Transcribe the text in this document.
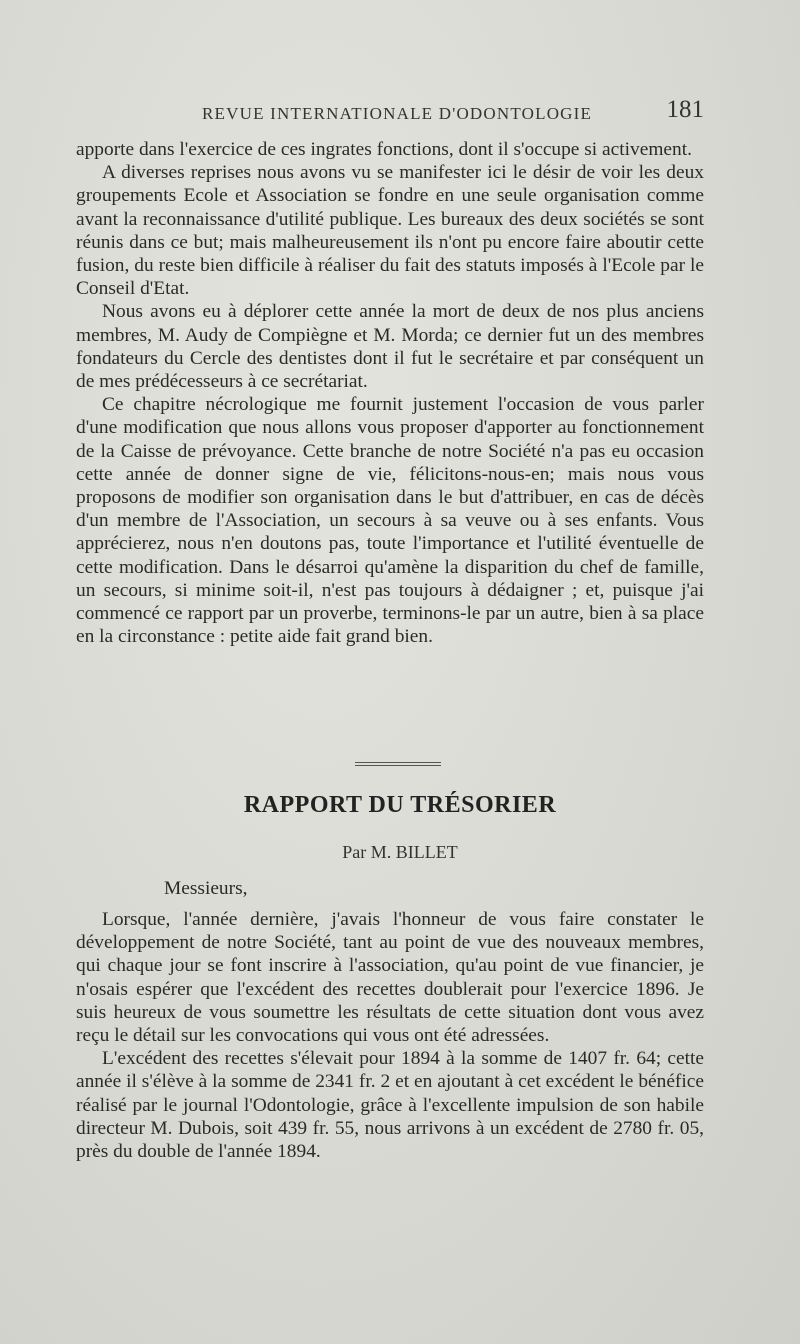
REVUE INTERNATIONALE D'ODONTOLOGIE	181

apporte dans l'exercice de ces ingrates fonctions, dont il s'occupe si activement.

A diverses reprises nous avons vu se manifester ici le désir de voir les deux groupements Ecole et Association se fondre en une seule organisation comme avant la reconnaissance d'utilité publique. Les bureaux des deux sociétés se sont réunis dans ce but; mais malheureusement ils n'ont pu encore faire aboutir cette fusion, du reste bien difficile à réaliser du fait des statuts imposés à l'Ecole par le Conseil d'Etat.

Nous avons eu à déplorer cette année la mort de deux de nos plus anciens membres, M. Audy de Compiègne et M. Morda; ce dernier fut un des membres fondateurs du Cercle des dentistes dont il fut le secrétaire et par conséquent un de mes prédécesseurs à ce secrétariat.

Ce chapitre nécrologique me fournit justement l'occasion de vous parler d'une modification que nous allons vous proposer d'apporter au fonctionnement de la Caisse de prévoyance. Cette branche de notre Société n'a pas eu occasion cette année de donner signe de vie, félicitons-nous-en; mais nous vous proposons de modifier son organisation dans le but d'attribuer, en cas de décès d'un membre de l'Association, un secours à sa veuve ou à ses enfants. Vous apprécierez, nous n'en doutons pas, toute l'importance et l'utilité éventuelle de cette modification. Dans le désarroi qu'amène la disparition du chef de famille, un secours, si minime soit-il, n'est pas toujours à dédaigner ; et, puisque j'ai commencé ce rapport par un proverbe, terminons-le par un autre, bien à sa place en la circonstance : petite aide fait grand bien.

RAPPORT DU TRÉSORIER
Par M. BILLET
Messieurs,

Lorsque, l'année dernière, j'avais l'honneur de vous faire constater le développement de notre Société, tant au point de vue des nouveaux membres, qui chaque jour se font inscrire à l'association, qu'au point de vue financier, je n'osais espérer que l'excédent des recettes doublerait pour l'exercice 1896. Je suis heureux de vous soumettre les résultats de cette situation dont vous avez reçu le détail sur les convocations qui vous ont été adressées.

L'excédent des recettes s'élevait pour 1894 à la somme de 1407 fr. 64; cette année il s'élève à la somme de 2341 fr. 2 et en ajoutant à cet excédent le bénéfice réalisé par le journal l'Odontologie, grâce à l'excellente impulsion de son habile directeur M. Dubois, soit 439 fr. 55, nous arrivons à un excédent de 2780 fr. 05, près du double de l'année 1894.
